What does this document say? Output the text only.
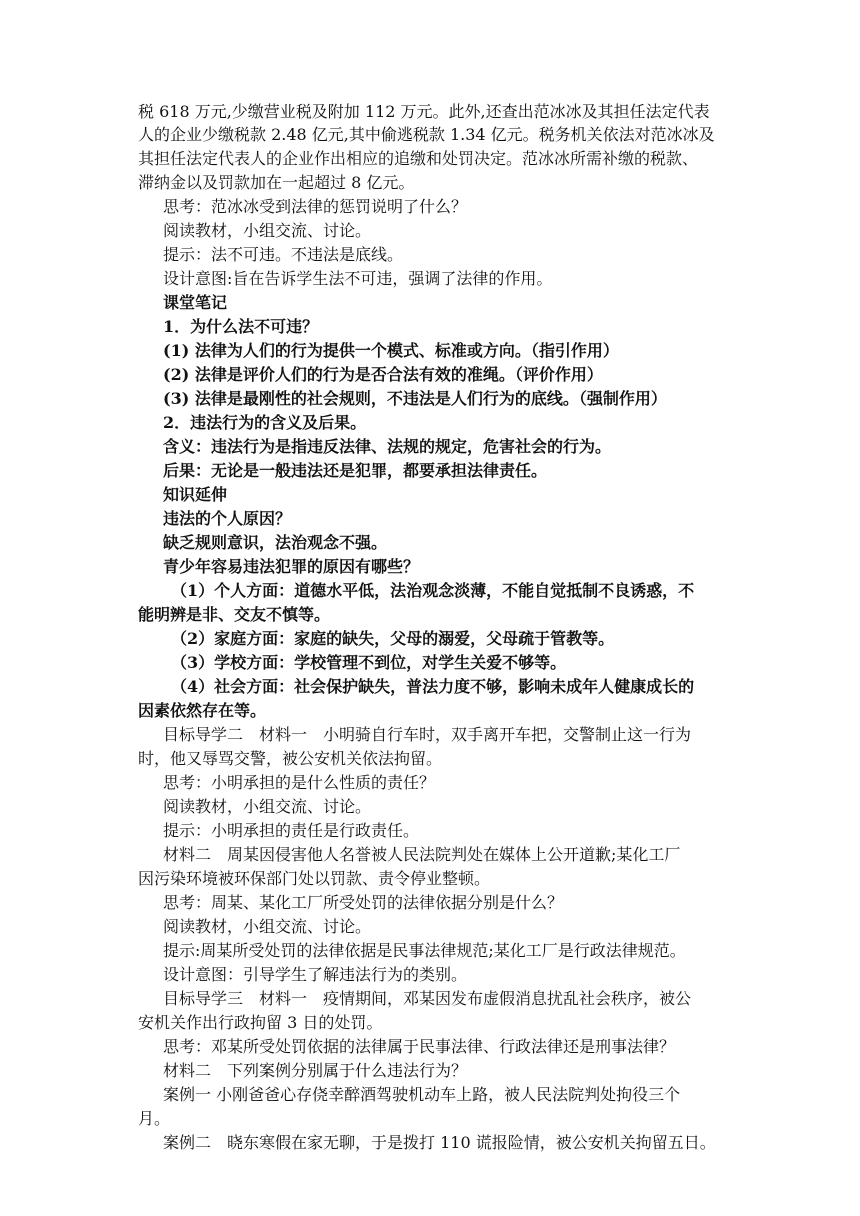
税 618 万元,少缴营业税及附加 112 万元。此外,还查出范冰冰及其担任法定代表
人的企业少缴税款 2.48 亿元,其中偷逃税款 1.34 亿元。税务机关依法对范冰冰及
其担任法定代表人的企业作出相应的追缴和处罚决定。范冰冰所需补缴的税款、
滞纳金以及罚款加在一起超过 8 亿元。
思考：范冰冰受到法律的惩罚说明了什么？
阅读教材，小组交流、讨论。
提示：法不可违。不违法是底线。
设计意图:旨在告诉学生法不可违，强调了法律的作用。
课堂笔记
1．为什么法不可违？
(1) 法律为人们的行为提供一个模式、标准或方向。（指引作用）
(2) 法律是评价人们的行为是否合法有效的准绳。（评价作用）
(3) 法律是最刚性的社会规则，不违法是人们行为的底线。（强制作用）
2．违法行为的含义及后果。
含义：违法行为是指违反法律、法规的规定，危害社会的行为。
后果：无论是一般违法还是犯罪，都要承担法律责任。
知识延伸
违法的个人原因？
缺乏规则意识，法治观念不强。
青少年容易违法犯罪的原因有哪些？
（1）个人方面：道德水平低，法治观念淡薄，不能自觉抵制不良诱惑，不
能明辨是非、交友不慎等。
（2）家庭方面：家庭的缺失，父母的溺爱，父母疏于管教等。
（3）学校方面：学校管理不到位，对学生关爱不够等。
（4）社会方面：社会保护缺失，普法力度不够，影响未成年人健康成长的
因素依然存在等。
目标导学二　材料一　小明骑自行车时，双手离开车把，交警制止这一行为
时，他又辱骂交警，被公安机关依法拘留。
思考：小明承担的是什么性质的责任？
阅读教材，小组交流、讨论。
提示：小明承担的责任是行政责任。
材料二　周某因侵害他人名誉被人民法院判处在媒体上公开道歉;某化工厂
因污染环境被环保部门处以罚款、责令停业整顿。
思考：周某、某化工厂所受处罚的法律依据分别是什么？
阅读教材，小组交流、讨论。
提示:周某所受处罚的法律依据是民事法律规范;某化工厂是行政法律规范。
设计意图：引导学生了解违法行为的类别。
目标导学三　材料一　疫情期间，邓某因发布虚假消息扰乱社会秩序，被公
安机关作出行政拘留 3 日的处罚。
思考：邓某所受处罚依据的法律属于民事法律、行政法律还是刑事法律？
材料二　下列案例分别属于什么违法行为？
案例一 小刚爸爸心存侥幸醉酒驾驶机动车上路，被人民法院判处拘役三个
月。
案例二　晓东寒假在家无聊，于是拨打 110 谎报险情，被公安机关拘留五日。
